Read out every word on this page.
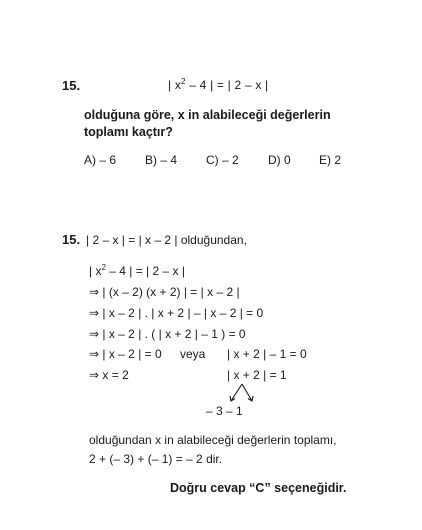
15.	| $x^2 - 4$ | = | 2 – x |
olduğuna göre, x in alabileceği değerlerin
toplamı kaçtır?
A) – 6 B) – 4 C) – 2 D) 0 E) 2
15. | 2 – x | = | x – 2 | olduğundan,
| $x^2 - 4$ | = | 2 – x |
⇒ | (x – 2) (x + 2) | = | x – 2 |
⇒ | x – 2 | . | x + 2 | – | x – 2 | = 0
⇒ | x – 2 | . ( | x + 2 | – 1 ) = 0
⇒ | x – 2 | = 0 veya | x + 2 | – 1 = 0
⇒ x = 2	| x + 2 | = 1
– 3 – 1
olduğundan x in alabileceği değerlerin toplamı,
2 + (– 3) + (– 1) = – 2 dir.
Doğru cevap “C” seçeneğidir.
